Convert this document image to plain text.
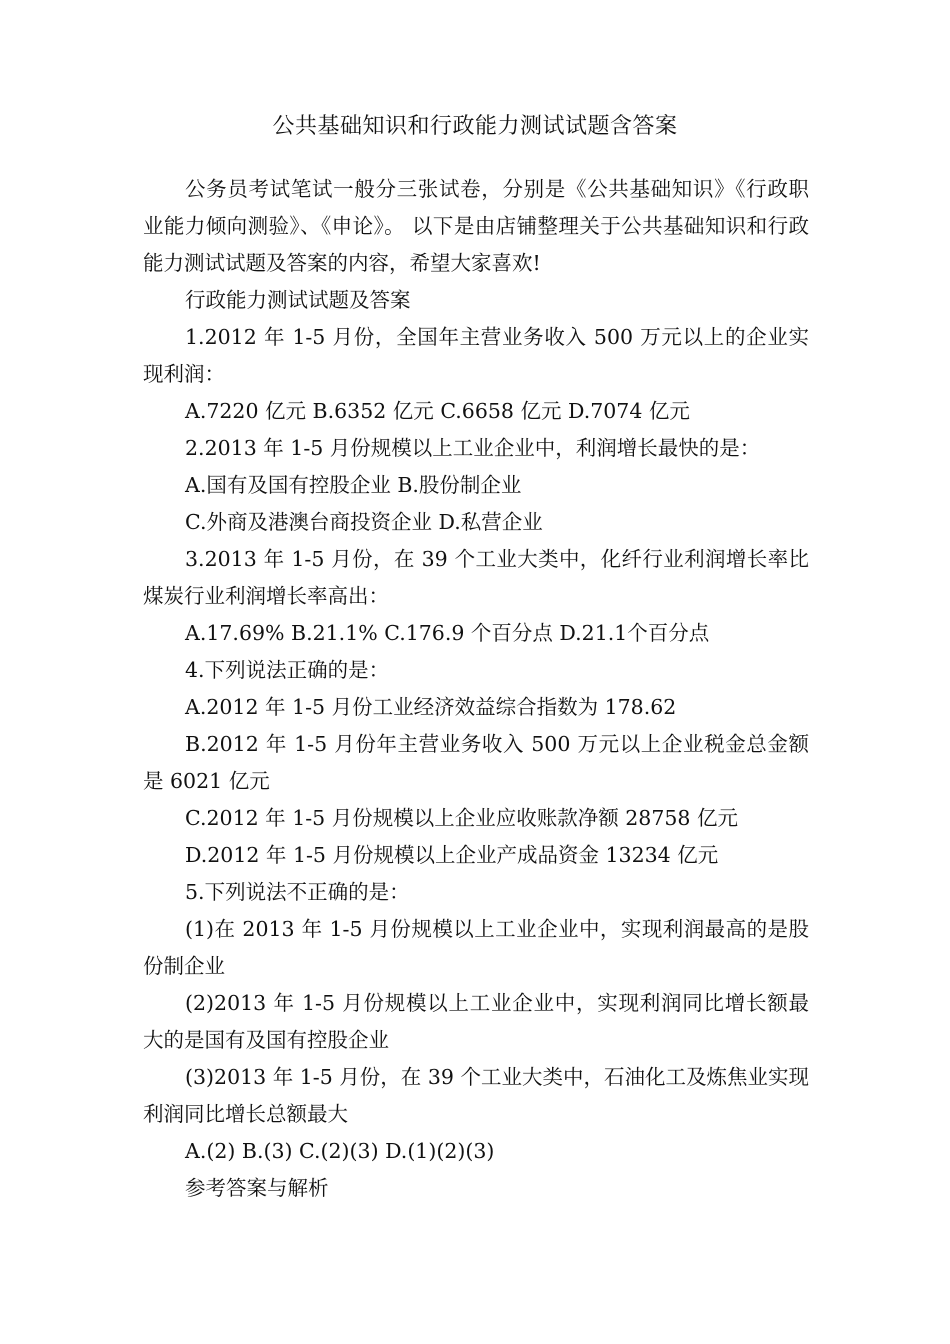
公共基础知识和行政能力测试试题含答案

公务员考试笔试一般分三张试卷，分别是《公共基础知识》《行政职业能力倾向测验》、《申论》。 以下是由店铺整理关于公共基础知识和行政能力测试试题及答案的内容，希望大家喜欢!

行政能力测试试题及答案

1.2012 年 1-5 月份，全国年主营业务收入 500 万元以上的企业实现利润：

A.7220 亿元 B.6352 亿元 C.6658 亿元 D.7074 亿元

2.2013 年 1-5 月份规模以上工业企业中，利润增长最快的是：

A.国有及国有控股企业 B.股份制企业

C.外商及港澳台商投资企业 D.私营企业

3.2013 年 1-5 月份，在 39 个工业大类中，化纤行业利润增长率比煤炭行业利润增长率高出：

A.17.69% B.21.1% C.176.9 个百分点 D.21.1个百分点

4.下列说法正确的是：

A.2012 年 1-5 月份工业经济效益综合指数为 178.62

B.2012 年 1-5 月份年主营业务收入 500 万元以上企业税金总金额是 6021 亿元

C.2012 年 1-5 月份规模以上企业应收账款净额 28758 亿元

D.2012 年 1-5 月份规模以上企业产成品资金 13234 亿元

5.下列说法不正确的是：

(1)在 2013 年 1-5 月份规模以上工业企业中，实现利润最高的是股份制企业

(2)2013 年 1-5 月份规模以上工业企业中，实现利润同比增长额最大的是国有及国有控股企业

(3)2013 年 1-5 月份，在 39 个工业大类中，石油化工及炼焦业实现利润同比增长总额最大

A.(2) B.(3) C.(2)(3) D.(1)(2)(3)

参考答案与解析
